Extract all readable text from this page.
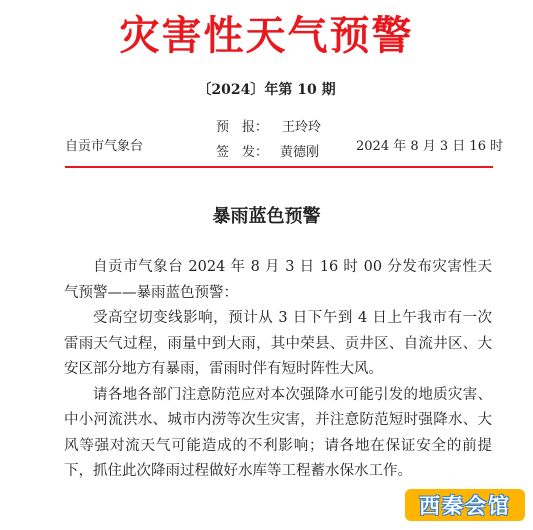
灾害性天气预警
〔2024〕年第 10 期
自贡市气象台
预　报： 王玲玲
签　发： 黄德刚	2024 年 8 月 3 日 16 时
暴雨蓝色预警

自贡市气象台 2024 年 8 月 3 日 16 时 00 分发布灾害性天气预警——暴雨蓝色预警：

受高空切变线影响，预计从 3 日下午到 4 日上午我市有一次雷雨天气过程，雨量中到大雨，其中荣县、贡井区、自流井区、大安区部分地方有暴雨，雷雨时伴有短时阵性大风。

请各地各部门注意防范应对本次强降水可能引发的地质灾害、中小河流洪水、城市内涝等次生灾害，并注意防范短时强降水、大风等强对流天气可能造成的不利影响；请各地在保证安全的前提下，抓住此次降雨过程做好水库等工程蓄水保水工作。

西秦会馆
